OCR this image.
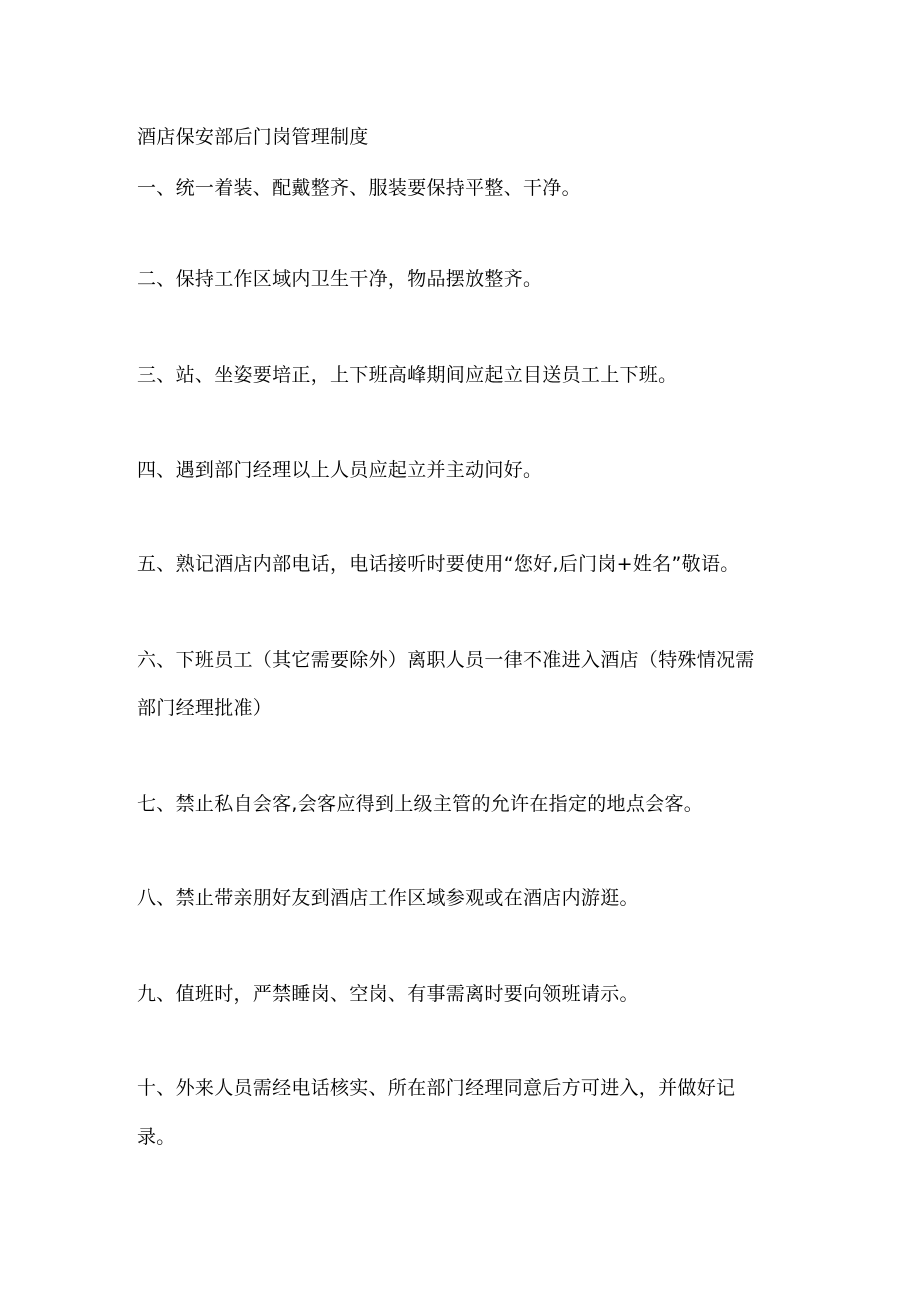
酒店保安部后门岗管理制度
一、统一着装、配戴整齐、服装要保持平整、干净。
二、保持工作区域内卫生干净，物品摆放整齐。
三、站、坐姿要培正，上下班高峰期间应起立目送员工上下班。
四、遇到部门经理以上人员应起立并主动问好。
五、熟记酒店内部电话，电话接听时要使用“您好,后门岗+姓名”敬语。
六、下班员工（其它需要除外）离职人员一律不准进入酒店（特殊情况需
部门经理批准）
七、禁止私自会客,会客应得到上级主管的允许在指定的地点会客。
八、禁止带亲朋好友到酒店工作区域参观或在酒店内游逛。
九、值班时，严禁睡岗、空岗、有事需离时要向领班请示。
十、外来人员需经电话核实、所在部门经理同意后方可进入，并做好记
录。
